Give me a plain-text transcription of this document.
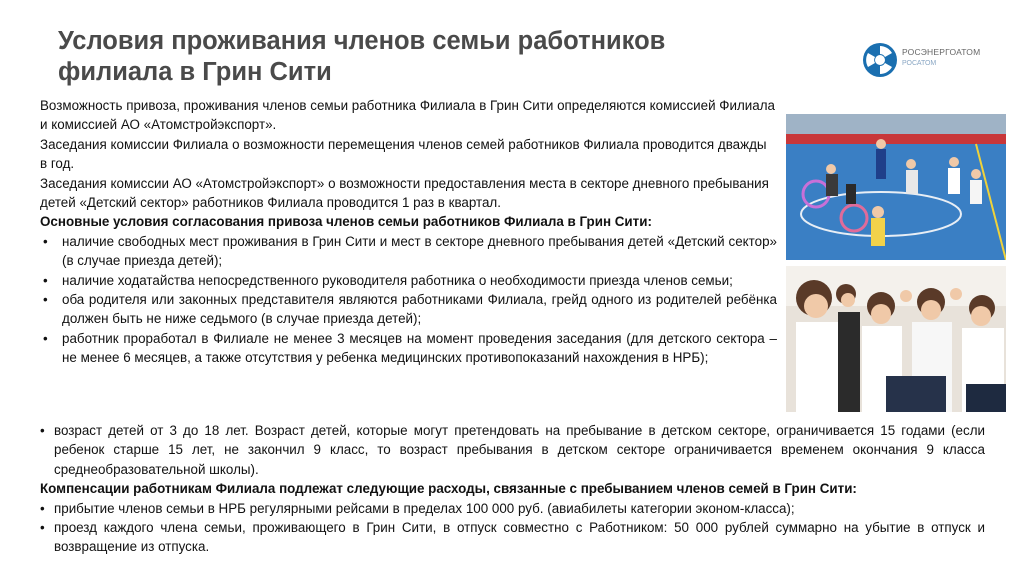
Условия проживания членов семьи работников
филиала в Грин Сити
РОСЭНЕРГОАТОМ
РОСАТОМ

Возможность привоза, проживания членов семьи работника Филиала в Грин Сити определяются комиссией Филиала и комиссией АО «Атомстройэкспорт».

Заседания комиссии Филиала о возможности перемещения членов семей работников Филиала проводится дважды в год.

Заседания комиссии АО «Атомстройэкспорт» о возможности предоставления места в секторе дневного пребывания детей «Детский сектор» работников Филиала проводится 1 раз в квартал.

Основные условия согласования привоза членов семьи работников Филиала в Грин Сити:

• наличие свободных мест проживания в Грин Сити и мест в секторе дневного пребывания детей «Детский сектор» (в случае приезда детей);
• наличие ходатайства непосредственного руководителя работника о необходимости приезда членов семьи;
• оба родителя или законных представителя являются работниками Филиала, грейд одного из родителей ребёнка должен быть не ниже седьмого (в случае приезда детей);
• работник проработал в Филиале не менее 3 месяцев на момент проведения заседания (для детского сектора – не менее 6 месяцев, а также отсутствия у ребенка медицинских противопоказаний нахождения в НРБ);
• возраст детей от 3 до 18 лет. Возраст детей, которые могут претендовать на пребывание в детском секторе, ограничивается 15 годами (если ребенок старше 15 лет, не закончил 9 класс, то возраст пребывания в детском секторе ограничивается временем окончания 9 класса среднеобразовательной школы).

Компенсации работникам Филиала подлежат следующие расходы, связанные с пребыванием членов семей в Грин Сити:

• прибытие членов семьи в НРБ регулярными рейсами в пределах 100 000 руб. (авиабилеты категории эконом-класса);
• проезд каждого члена семьи, проживающего в Грин Сити, в отпуск совместно с Работником: 50 000 рублей суммарно на убытие в отпуск и возвращение из отпуска.
